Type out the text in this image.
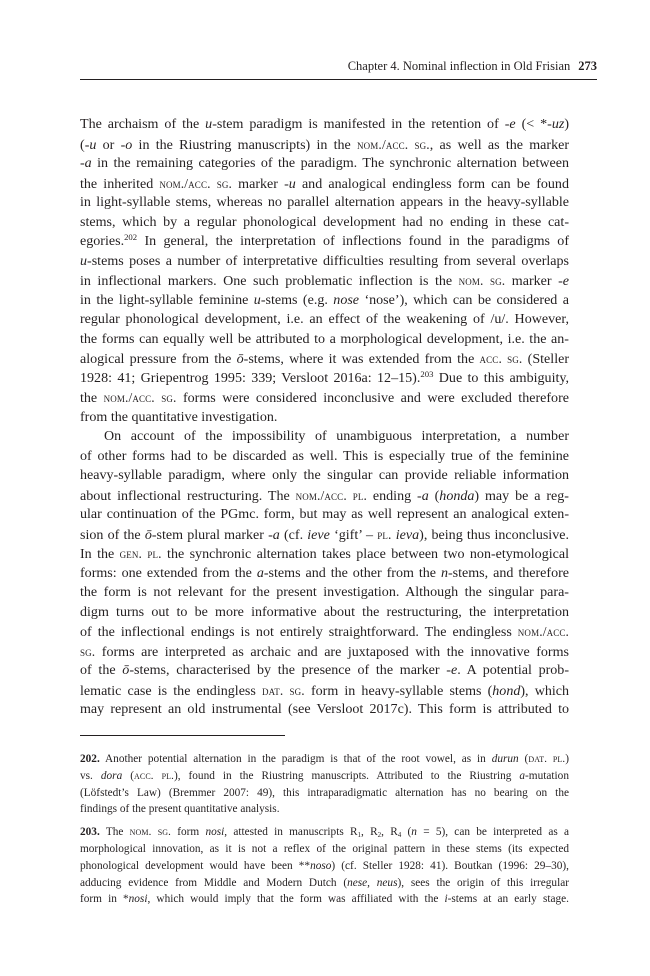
Chapter 4. Nominal inflection in Old Frisian 273
The archaism of the u-stem paradigm is manifested in the retention of -e (< *-uz)
(-u or -o in the Riustring manuscripts) in the nom./acc. sg., as well as the marker
-a in the remaining categories of the paradigm. The synchronic alternation between
the inherited nom./acc. sg. marker -u and analogical endingless form can be found
in light-syllable stems, whereas no parallel alternation appears in the heavy-syllable
stems, which by a regular phonological development had no ending in these cat-
egories.$^{202}$ In general, the interpretation of inflections found in the paradigms of
u-stems poses a number of interpretative difficulties resulting from several overlaps
in inflectional markers. One such problematic inflection is the nom. sg. marker -e
in the light-syllable feminine u-stems (e.g. nose ‘nose’), which can be considered a
regular phonological development, i.e. an effect of the weakening of /u/. However,
the forms can equally well be attributed to a morphological development, i.e. the an-
alogical pressure from the ō-stems, where it was extended from the acc. sg. (Steller
1928: 41; Griepentrog 1995: 339; Versloot 2016a: 12–15).$^{203}$ Due to this ambiguity,
the nom./acc. sg. forms were considered inconclusive and were excluded therefore
from the quantitative investigation.
On account of the impossibility of unambiguous interpretation, a number
of other forms had to be discarded as well. This is especially true of the feminine
heavy-syllable paradigm, where only the singular can provide reliable information
about inflectional restructuring. The nom./acc. pl. ending -a (honda) may be a reg-
ular continuation of the PGmc. form, but may as well represent an analogical exten-
sion of the ō-stem plural marker -a (cf. ieve ‘gift’ – pl. ieva), being thus inconclusive.
In the gen. pl. the synchronic alternation takes place between two non-etymological
forms: one extended from the a-stems and the other from the n-stems, and therefore
the form is not relevant for the present investigation. Although the singular para-
digm turns out to be more informative about the restructuring, the interpretation
of the inflectional endings is not entirely straightforward. The endingless nom./acc.
sg. forms are interpreted as archaic and are juxtaposed with the innovative forms
of the ō-stems, characterised by the presence of the marker -e. A potential prob-
lematic case is the endingless dat. sg. form in heavy-syllable stems (hond), which
may represent an old instrumental (see Versloot 2017c). This form is attributed to
202. Another potential alternation in the paradigm is that of the root vowel, as in durun (dat. pl.)
vs. dora (acc. pl.), found in the Riustring manuscripts. Attributed to the Riustring a-mutation
(Löfstedt’s Law) (Bremmer 2007: 49), this intraparadigmatic alternation has no bearing on the
findings of the present quantitative analysis.
203. The nom. sg. form nosi, attested in manuscripts $R_1$, $R_2$, $R_4$ (n = 5), can be interpreted as a
morphological innovation, as it is not a reflex of the original pattern in these stems (its expected
phonological development would have been **noso) (cf. Steller 1928: 41). Boutkan (1996: 29–30),
adducing evidence from Middle and Modern Dutch (nese, neus), sees the origin of this irregular
form in *nosi, which would imply that the form was affiliated with the i-stems at an early stage.
